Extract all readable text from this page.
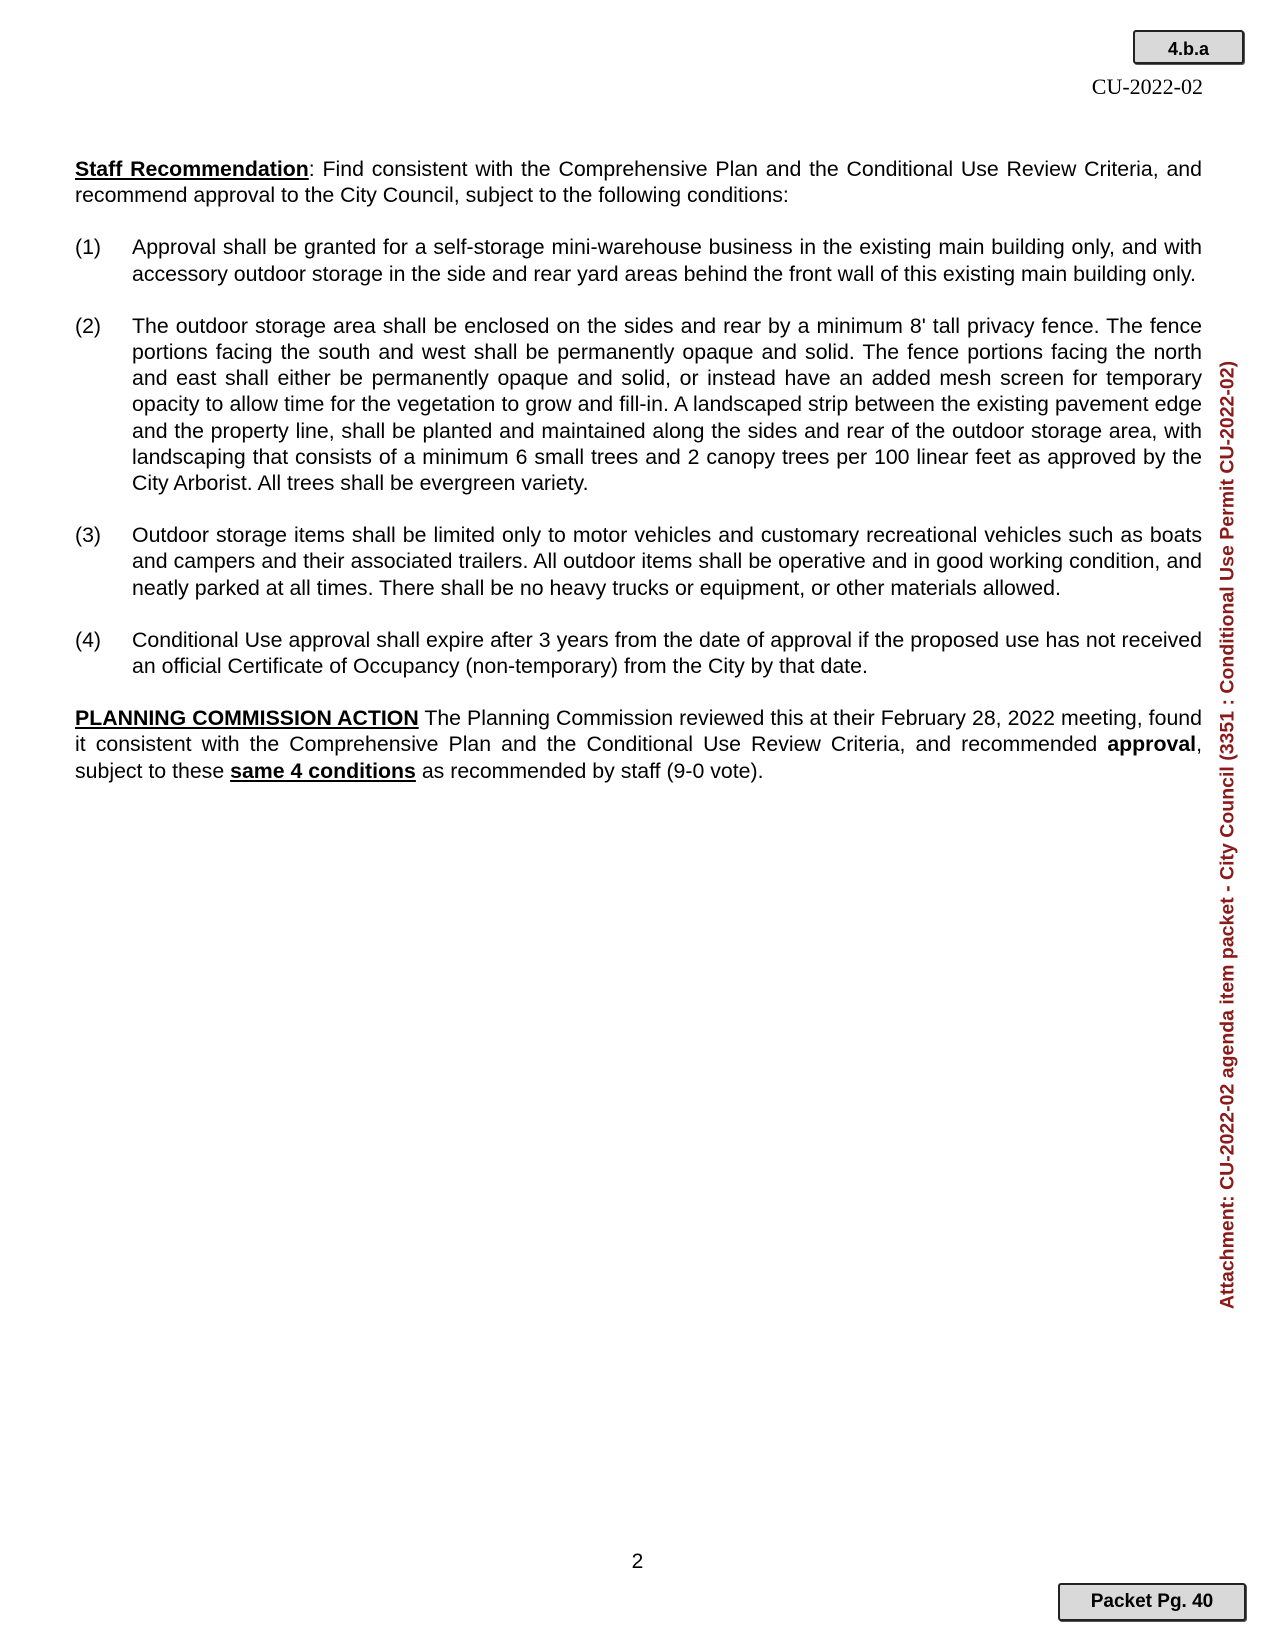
4.b.a
CU-2022-02

Staff Recommendation: Find consistent with the Comprehensive Plan and the Conditional Use Review Criteria, and recommend approval to the City Council, subject to the following conditions:

(1)	Approval shall be granted for a self-storage mini-warehouse business in the existing main building only, and with accessory outdoor storage in the side and rear yard areas behind the front wall of this existing main building only.
(2)	The outdoor storage area shall be enclosed on the sides and rear by a minimum 8' tall privacy fence. The fence portions facing the south and west shall be permanently opaque and solid. The fence portions facing the north and east shall either be permanently opaque and solid, or instead have an added mesh screen for temporary opacity to allow time for the vegetation to grow and fill-in. A landscaped strip between the existing pavement edge and the property line, shall be planted and maintained along the sides and rear of the outdoor storage area, with landscaping that consists of a minimum 6 small trees and 2 canopy trees per 100 linear feet as approved by the City Arborist. All trees shall be evergreen variety.
(3)	Outdoor storage items shall be limited only to motor vehicles and customary recreational vehicles such as boats and campers and their associated trailers. All outdoor items shall be operative and in good working condition, and neatly parked at all times. There shall be no heavy trucks or equipment, or other materials allowed.
(4)	Conditional Use approval shall expire after 3 years from the date of approval if the proposed use has not received an official Certificate of Occupancy (non-temporary) from the City by that date.

PLANNING COMMISSION ACTION The Planning Commission reviewed this at their February 28, 2022 meeting, found it consistent with the Comprehensive Plan and the Conditional Use Review Criteria, and recommended approval, subject to these same 4 conditions as recommended by staff (9-0 vote).	Attachment: CU-2022-02 agenda item packet - City Council (3351 : Conditional Use Permit CU-2022-02)
2
Packet Pg. 40
